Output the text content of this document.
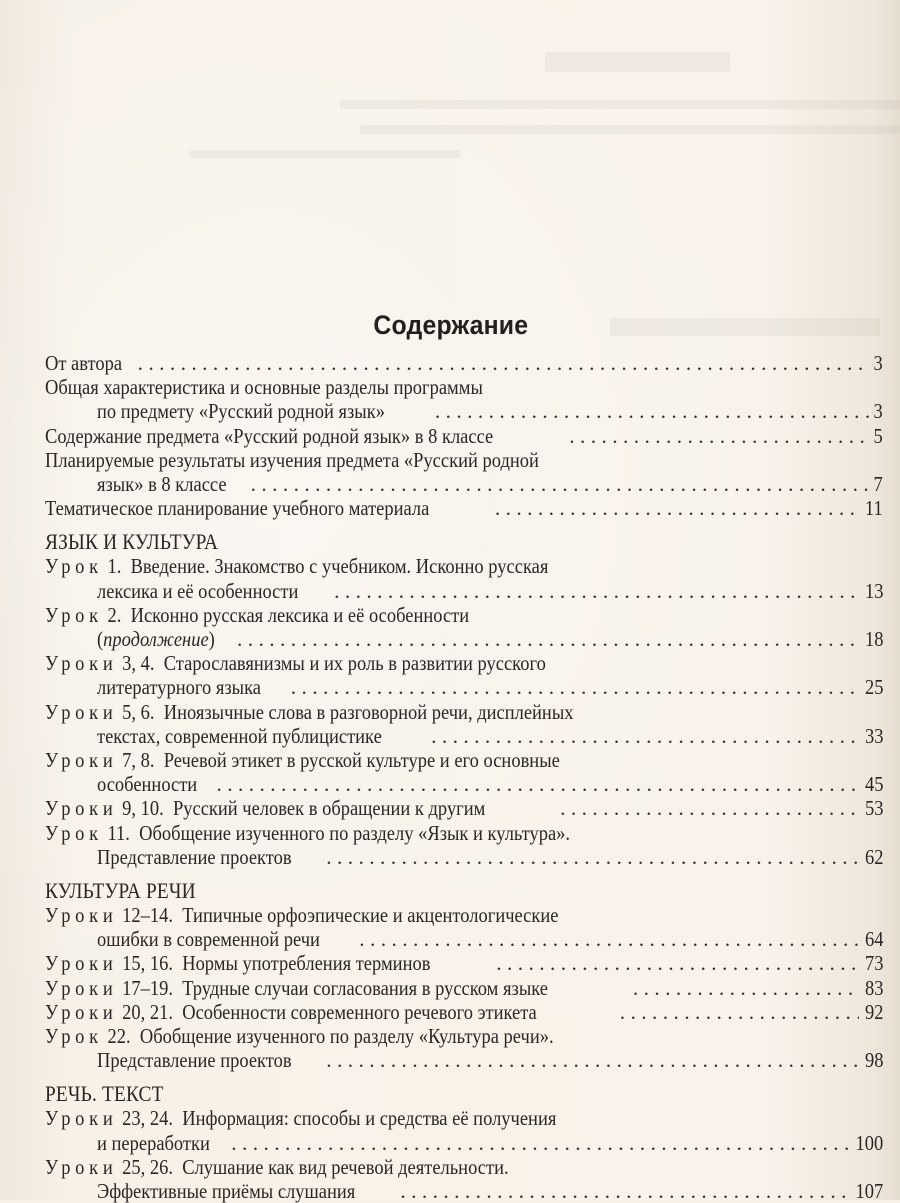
Содержание
От автора . . .	3
Общая характеристика и основные разделы программы
по предмету «Русский родной язык» . . .	3
Содержание предмета «Русский родной язык» в 8 классе . . .	5
Планируемые результаты изучения предмета «Русский родной
язык» в 8 классе . . .	7
Тематическое планирование учебного материала . . .	11
ЯЗЫК И КУЛЬТУРА
Урок 1. Введение. Знакомство с учебником. Исконно русская
лексика и её особенности . . .	13
Урок 2. Исконно русская лексика и её особенности
(продолжение) . . .	18
Уроки 3, 4. Старославянизмы и их роль в развитии русского
литературного языка . . .	25
Уроки 5, 6. Иноязычные слова в разговорной речи, дисплейных
текстах, современной публицистике . . .	33
Уроки 7, 8. Речевой этикет в русской культуре и его основные
особенности . . .	45
Уроки 9, 10. Русский человек в обращении к другим . . .	53
Урок 11. Обобщение изученного по разделу «Язык и культура».
Представление проектов . . .	62
КУЛЬТУРА РЕЧИ
Уроки 12–14. Типичные орфоэпические и акцентологические
ошибки в современной речи . . .	64
Уроки 15, 16. Нормы употребления терминов . . .	73
Уроки 17–19. Трудные случаи согласования в русском языке . . .	83
Уроки 20, 21. Особенности современного речевого этикета . . .	92
Урок 22. Обобщение изученного по разделу «Культура речи».
Представление проектов . . .	98
РЕЧЬ. ТЕКСТ
Уроки 23, 24. Информация: способы и средства её получения
и переработки . . .	100
Уроки 25, 26. Слушание как вид речевой деятельности.
Эффективные приёмы слушания . . .	107
